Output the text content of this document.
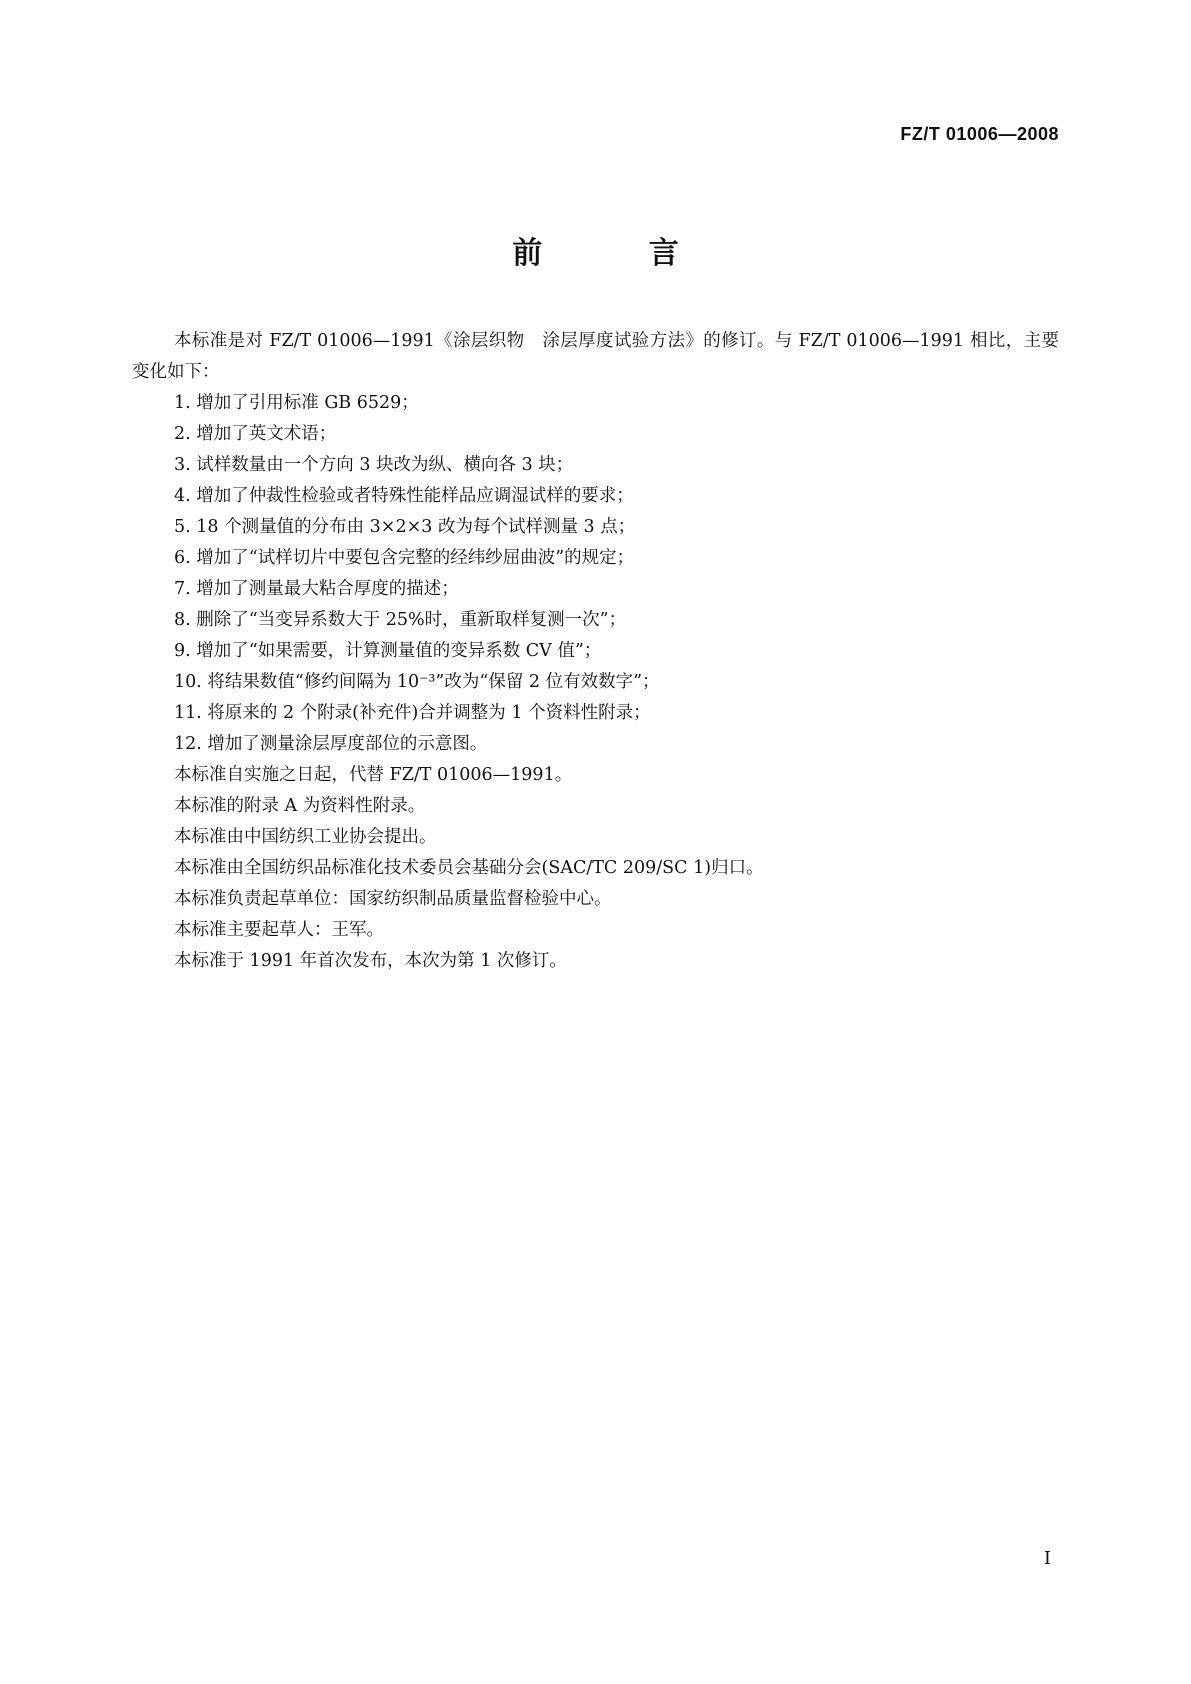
FZ/T 01006—2008
前 言

本标准是对 FZ/T 01006—1991《涂层织物　涂层厚度试验方法》的修订。与 FZ/T 01006—1991 相比，主要变化如下：

1. 增加了引用标准 GB 6529；
2. 增加了英文术语；
3. 试样数量由一个方向 3 块改为纵、横向各 3 块；
4. 增加了仲裁性检验或者特殊性能样品应调湿试样的要求；
5. 18 个测量值的分布由 3×2×3 改为每个试样测量 3 点；
6. 增加了“试样切片中要包含完整的经纬纱屈曲波”的规定；
7. 增加了测量最大粘合厚度的描述；
8. 删除了“当变异系数大于 25%时，重新取样复测一次”；
9. 增加了“如果需要，计算测量值的变异系数 CV 值”；
10. 将结果数值“修约间隔为 10⁻³”改为“保留 2 位有效数字”；
11. 将原来的 2 个附录(补充件)合并调整为 1 个资料性附录；
12. 增加了测量涂层厚度部位的示意图。

本标准自实施之日起，代替 FZ/T 01006—1991。

本标准的附录 A 为资料性附录。

本标准由中国纺织工业协会提出。

本标准由全国纺织品标准化技术委员会基础分会(SAC/TC 209/SC 1)归口。

本标准负责起草单位：国家纺织制品质量监督检验中心。

本标准主要起草人：王军。

本标准于 1991 年首次发布，本次为第 1 次修订。

I
